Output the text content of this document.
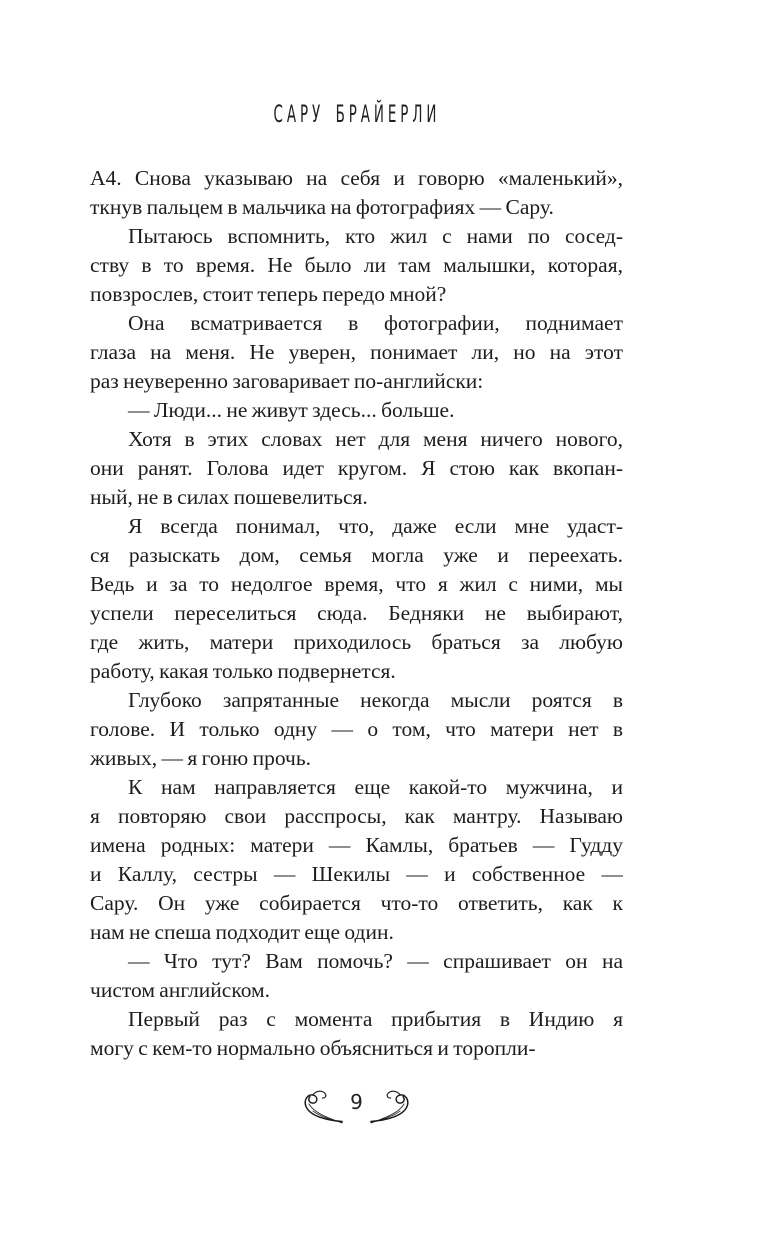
САРУ БРАЙЕРЛИ
А4. Снова указываю на себя и говорю «маленький»,
ткнув пальцем в мальчика на фотографиях — Сару.
Пытаюсь вспомнить, кто жил с нами по сосед-
ству в то время. Не было ли там малышки, которая,
повзрослев, стоит теперь передо мной?
Она всматривается в фотографии, поднимает
глаза на меня. Не уверен, понимает ли, но на этот
раз неуверенно заговаривает по-английски:
— Люди... не живут здесь... больше.
Хотя в этих словах нет для меня ничего нового,
они ранят. Голова идет кругом. Я стою как вкопан-
ный, не в силах пошевелиться.
Я всегда понимал, что, даже если мне удаст-
ся разыскать дом, семья могла уже и переехать.
Ведь и за то недолгое время, что я жил с ними, мы
успели переселиться сюда. Бедняки не выбирают,
где жить, матери приходилось браться за любую
работу, какая только подвернется.
Глубоко запрятанные некогда мысли роятся в
голове. И только одну — о том, что матери нет в
живых, — я гоню прочь.
К нам направляется еще какой-то мужчина, и
я повторяю свои расспросы, как мантру. Называю
имена родных: матери — Камлы, братьев — Гудду
и Каллу, сестры — Шекилы — и собственное —
Сару. Он уже собирается что-то ответить, как к
нам не спеша подходит еще один.
— Что тут? Вам помочь? — спрашивает он на
чистом английском.
Первый раз с момента прибытия в Индию я
могу с кем-то нормально объясниться и торопли-
9
